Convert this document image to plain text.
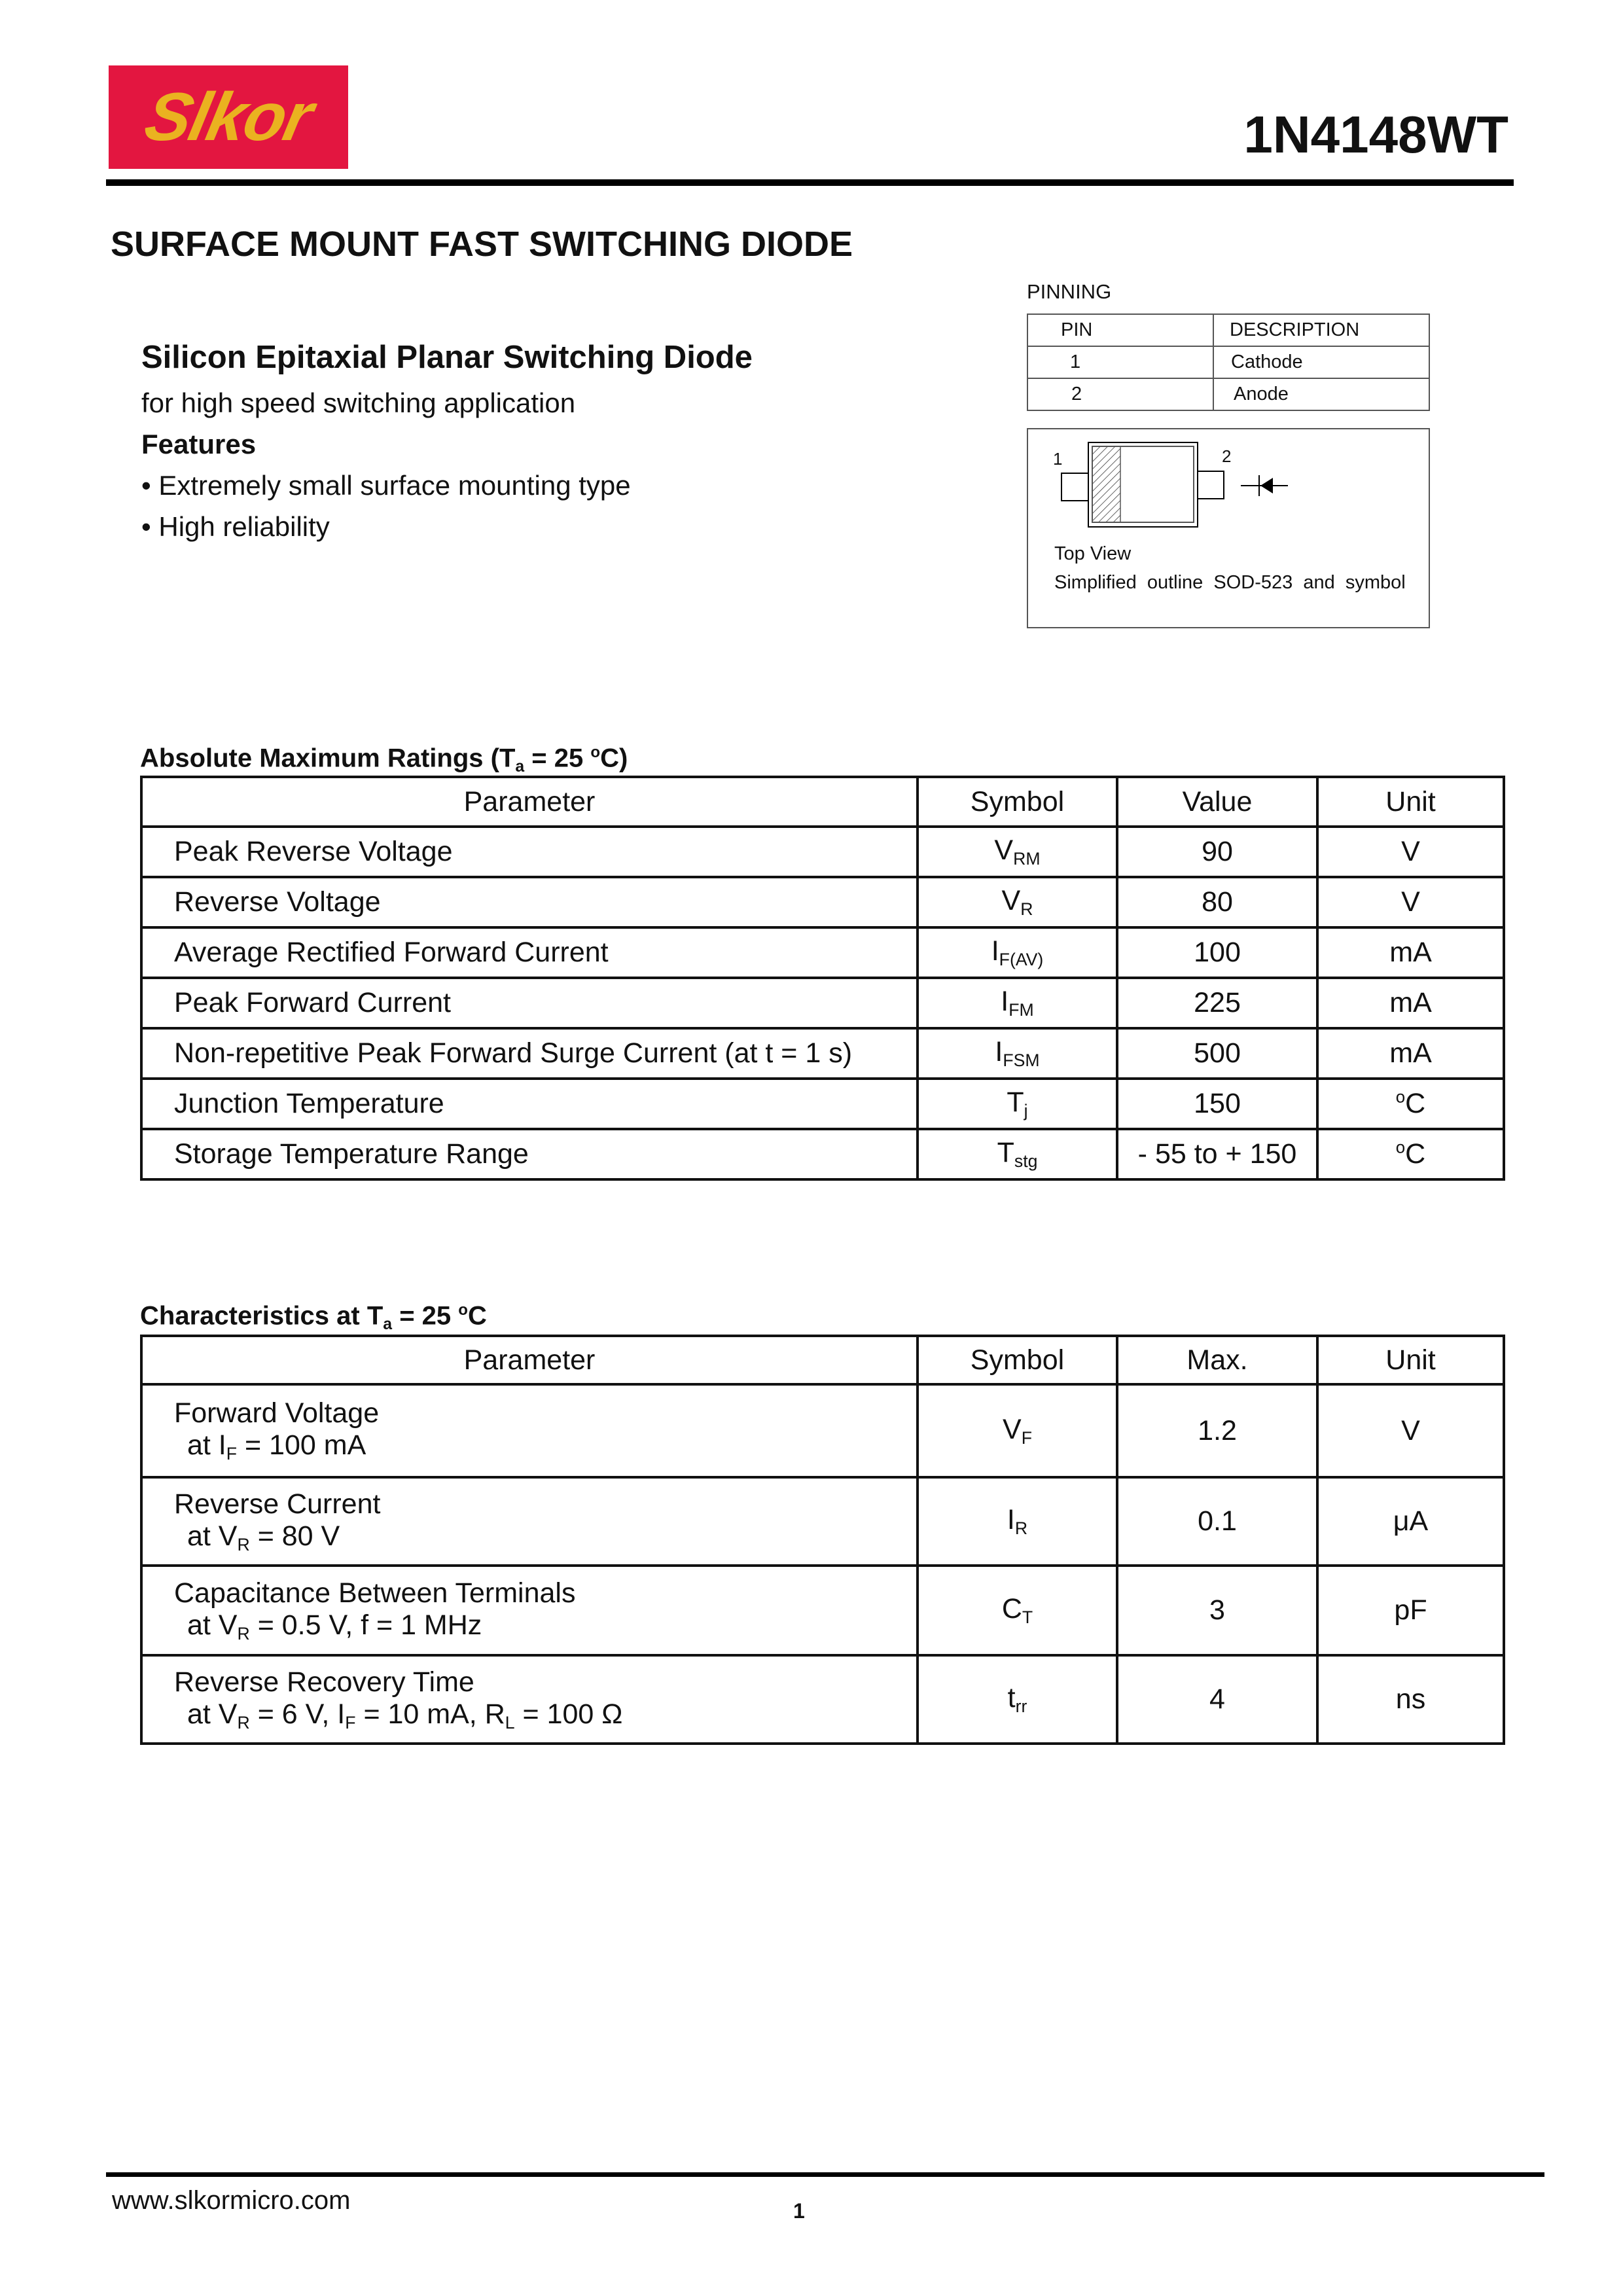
Slkor	1N4148WT
SURFACE MOUNT FAST SWITCHING DIODE
Silicon Epitaxial Planar Switching Diode
for high speed switching application
Features
• Extremely small surface mounting type
• High reliability
PINNING
PIN	DESCRIPTION
1	Cathode
2	Anode
1	2
Top View
Simplified  outline  SOD-523  and  symbol
Absolute Maximum Ratings ($T_a = 25$ $^o$C)
Parameter	Symbol	Value	Unit
Peak Reverse Voltage	$V_{RM}$	90	V
Reverse Voltage	$V_R$	80	V
Average Rectified Forward Current	$I_{F(AV)}$	100	mA
Peak Forward Current	$I_{FM}$	225	mA
Non-repetitive Peak Forward Surge Current (at t = 1 s)	$I_{FSM}$	500	mA
Junction Temperature	$T_j$	150	$^o$C
Storage Temperature Range	$T_{stg}$	- 55 to + 150	$^o$C
Characteristics at $T_a = 25$ $^o$C
Parameter	Symbol	Max.	Unit
Forward Voltage
at $I_F = 100$ mA	$V_F$	1.2	V
Reverse Current
at $V_R = 80$ V	$I_R$	0.1	μA
Capacitance Between Terminals
at $V_R = 0.5$ V, f = 1 MHz	$C_T$	3	pF
Reverse Recovery Time
at $V_R = 6$ V, $I_F = 10$ mA, $R_L = 100$ Ω	$t_{rr}$	4	ns
www.slkormicro.com	1
